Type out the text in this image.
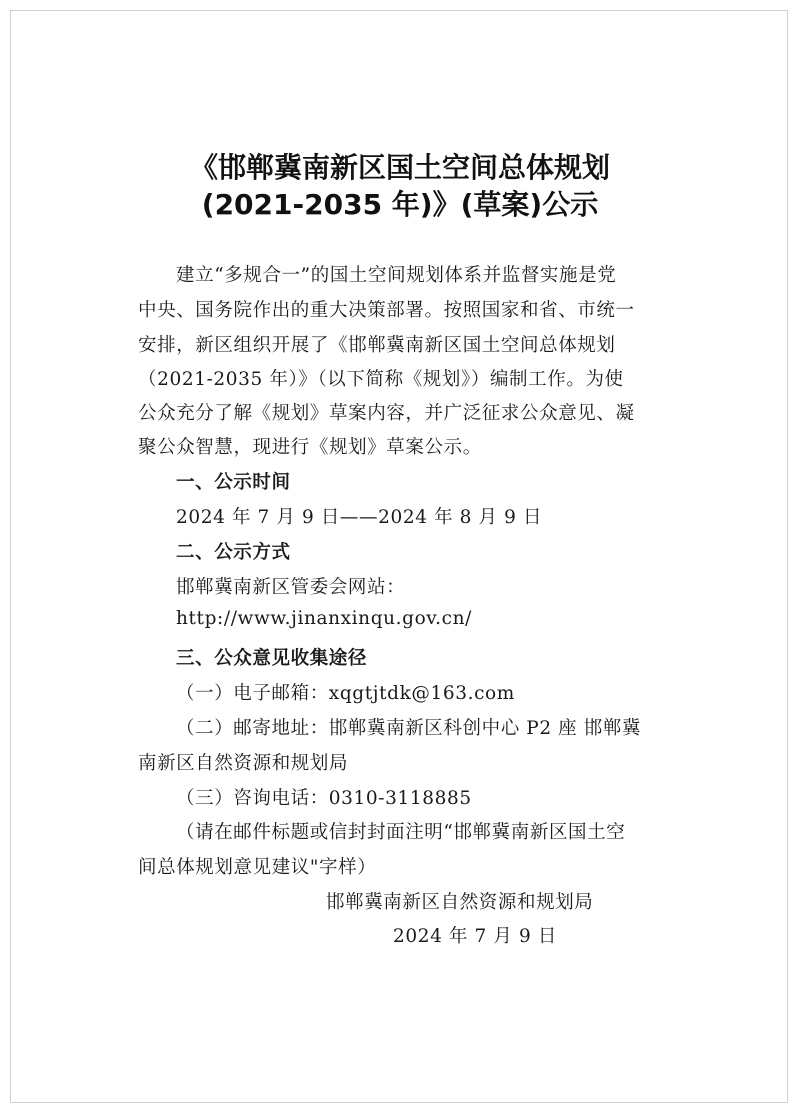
《邯郸冀南新区国土空间总体规划
(2021-2035 年)》(草案)公示
建立“多规合一”的国土空间规划体系并监督实施是党
中央、国务院作出的重大决策部署。按照国家和省、市统一
安排，新区组织开展了《邯郸冀南新区国土空间总体规划
（2021-2035 年）》（以下简称《规划》）编制工作。为使
公众充分了解《规划》草案内容，并广泛征求公众意见、凝
聚公众智慧，现进行《规划》草案公示。
一、公示时间
2024 年 7 月 9 日——2024 年 8 月 9 日
二、公示方式
邯郸冀南新区管委会网站：
http://www.jinanxinqu.gov.cn/
三、公众意见收集途径
（一）电子邮箱：xqgtjtdk@163.com
（二）邮寄地址：邯郸冀南新区科创中心 P2 座 邯郸冀
南新区自然资源和规划局
（三）咨询电话：0310-3118885
（请在邮件标题或信封封面注明“邯郸冀南新区国土空
间总体规划意见建议"字样）
邯郸冀南新区自然资源和规划局
2024 年 7 月 9 日
